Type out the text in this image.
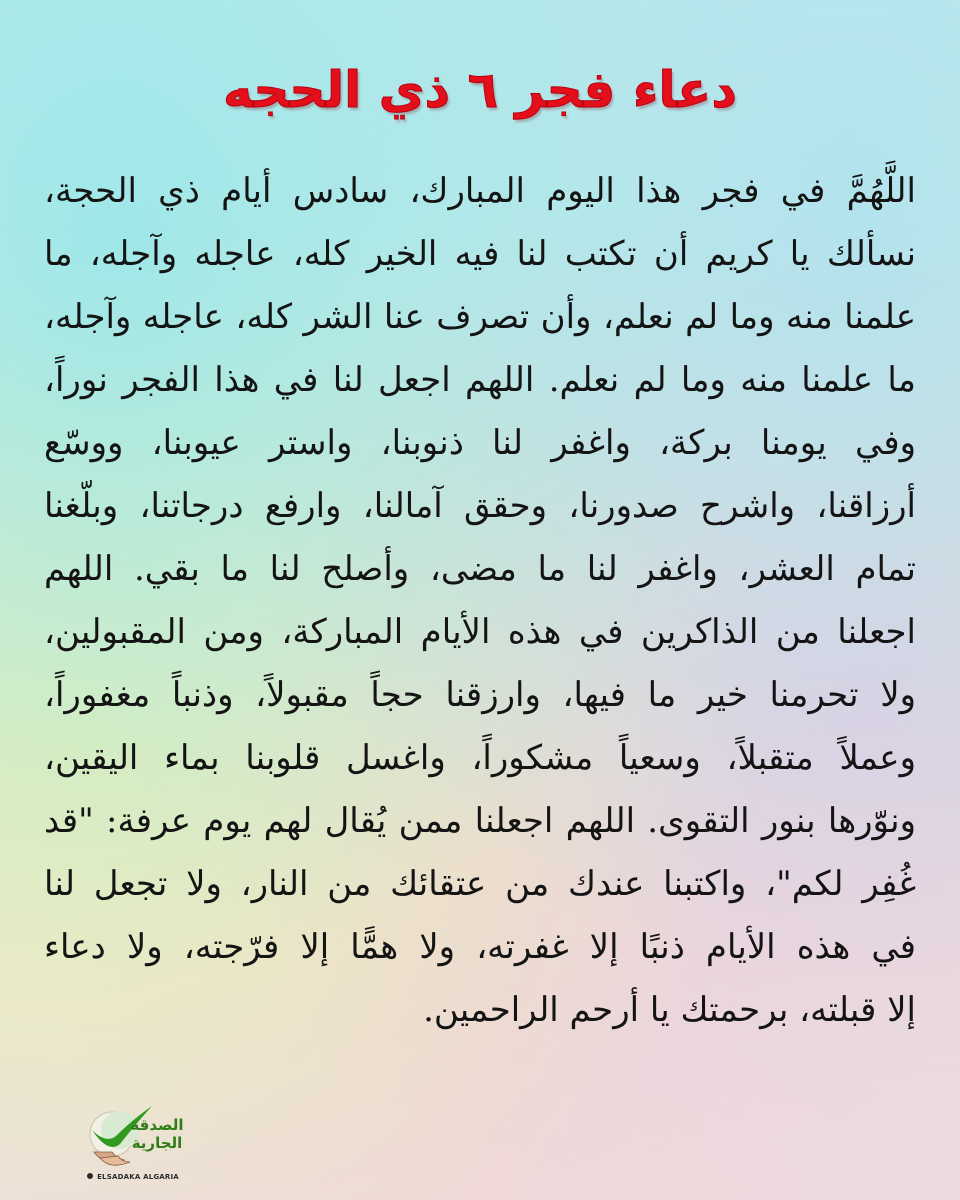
دعاء فجر ٦ ذي الحجه
اللَّهُمَّ في فجر هذا اليوم المبارك، سادس أيام ذي الحجة،
نسألك يا كريم أن تكتب لنا فيه الخير كله، عاجله وآجله، ما
علمنا منه وما لم نعلم، وأن تصرف عنا الشر كله، عاجله وآجله،
ما علمنا منه وما لم نعلم. اللهم اجعل لنا في هذا الفجر نوراً،
وفي يومنا بركة، واغفر لنا ذنوبنا، واستر عيوبنا، ووسّع
أرزاقنا، واشرح صدورنا، وحقق آمالنا، وارفع درجاتنا، وبلّغنا
تمام العشر، واغفر لنا ما مضى، وأصلح لنا ما بقي. اللهم
اجعلنا من الذاكرين في هذه الأيام المباركة، ومن المقبولين،
ولا تحرمنا خير ما فيها، وارزقنا حجاً مقبولاً، وذنباً مغفوراً،
وعملاً متقبلاً، وسعياً مشكوراً، واغسل قلوبنا بماء اليقين،
ونوّرها بنور التقوى. اللهم اجعلنا ممن يُقال لهم يوم عرفة: "قد
غُفِر لكم"، واكتبنا عندك من عتقائك من النار، ولا تجعل لنا
في هذه الأيام ذنبًا إلا غفرته، ولا همًّا إلا فرّجته، ولا دعاء
إلا قبلته، برحمتك يا أرحم الراحمين.
الصدقة
الجارية
ELSADAKA ALGARIA
